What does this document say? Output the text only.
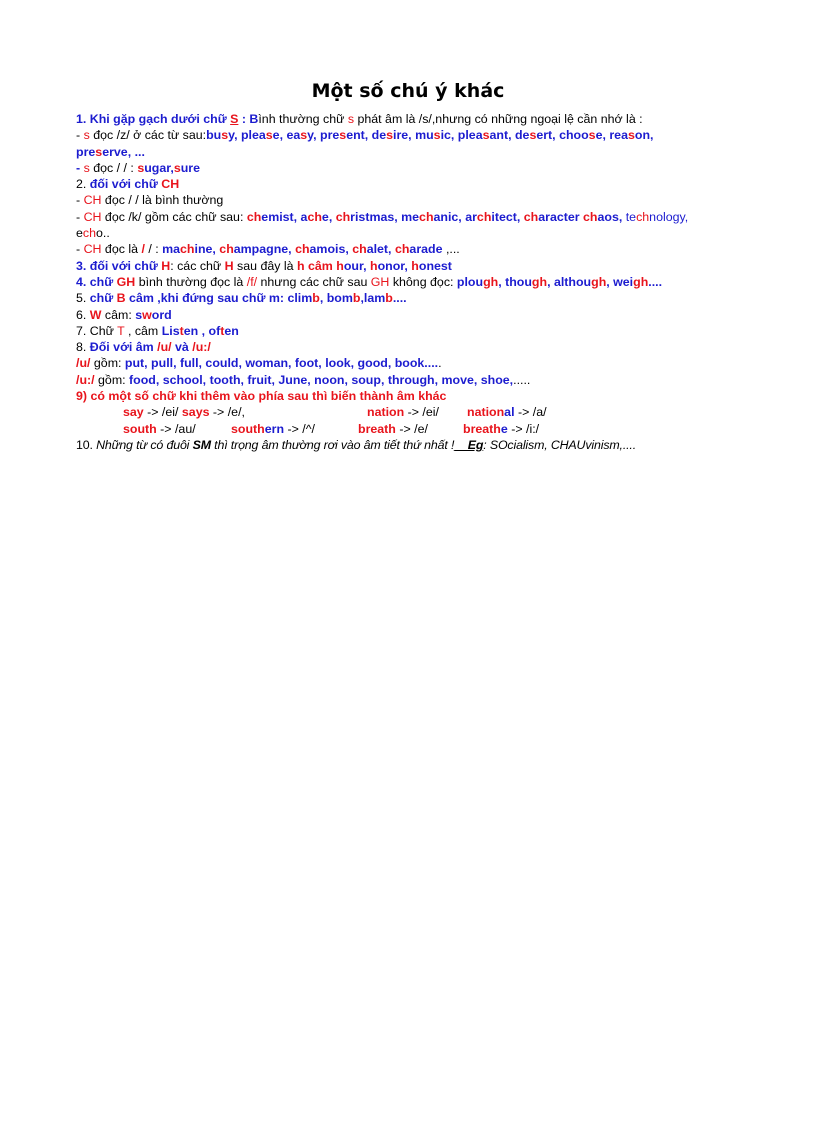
Một số chú ý khác
1. Khi gặp gạch dưới chữ S : Bình thường chữ s phát âm là /s/,nhưng có những ngoại lệ cần nhớ là :
- s đọc /z/ ở các từ sau:busy, please, easy, present, desire, music, pleasant, desert, choose, reason,
preserve, ...
- s đọc / / : sugar,sure
2. đối với chữ CH
- CH đọc / / là bình thường
- CH đọc /k/ gồm các chữ sau: chemist, ache, christmas, mechanic, architect, character chaos, technology,
echo..
- CH đọc là / / : machine, champagne, chamois, chalet, charade ,...
3. đối với chữ H: các chữ H sau đây là h câm hour, honor, honest
4. chữ GH bình thường đọc là /f/ nhưng các chữ sau GH không đọc: plough, though, although, weigh....
5. chữ B câm ,khi đứng sau chữ m: climb, bomb,lamb....
6. W câm: sword
7. Chữ T , câm Listen , often
8. Đối với âm /u/ và /u:/
/u/ gồm: put, pull, full, could, woman, foot, look, good, book.....
/u:/ gồm: food, school, tooth, fruit, June, noon, soup, through, move, shoe,.....
9) có một số chữ khi thêm vào phía sau thì biến thành âm khác
say -> /ei/ says -> /e/,	nation -> /ei/ national -> /a/
south -> /au/	southern -> /^/	breath -> /e/	breathe -> /i:/
10. Những từ có đuôi SM thì trọng âm thường rơi vào âm tiết thứ nhất !__Eg: SOcialism, CHAUvinism,....
